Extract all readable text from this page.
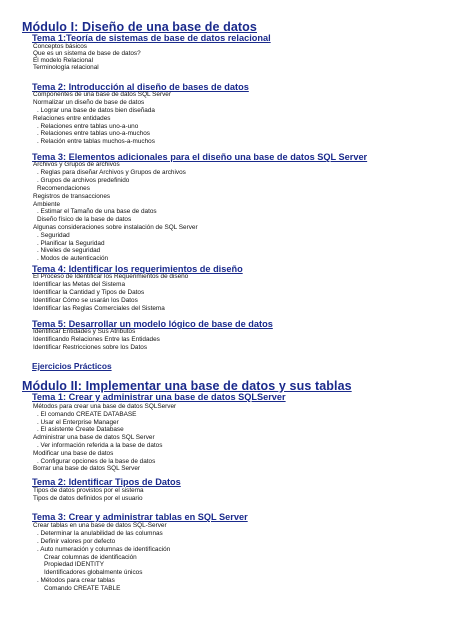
Módulo I: Diseño de una base de datos
Tema 1:Teoría de sistemas de base de datos relacional
Conceptos básicos
Que es un sistema de base de datos?
El modelo Relacional
Terminología relacional
Tema 2: Introducción al diseño de bases de datos
Componentes de una base de datos SQL Server
Normalizar un diseño de base de datos
. Lograr una base de datos bien diseñada
Relaciones entre entidades
. Relaciones entre tablas uno-a-uno
. Relaciones entre tablas uno-a-muchos
. Relación entre tablas muchos-a-muchos
Tema 3: Elementos adicionales para el diseño una base de datos SQL Server
Archivos y Grupos de archivos
. Reglas para diseñar Archivos y Grupos de archivos
. Grupos de archivos predefinido
Recomendaciones
Registros de transacciones
Ambiente
. Estimar el Tamaño de una base de datos
Diseño físico de la base de datos
Algunas consideraciones sobre instalación de SQL Server
. Seguridad
. Planificar la Seguridad
. Niveles de seguridad
. Modos de autenticación
Tema 4: Identificar los requerimientos de diseño
El Proceso de Identificar los Requerimientos de diseño
Identificar las Metas del Sistema
Identificar la Cantidad y Tipos de Datos
Identificar Cómo se usarán los Datos
Identificar las Reglas Comerciales del Sistema
Tema 5: Desarrollar un modelo lógico de base de datos
Identificar Entidades y Sus Atributos
Identificando Relaciones Entre las Entidades
Identificar Restricciones sobre los Datos
Ejercicios Prácticos
Módulo II: Implementar una base de datos y sus tablas
Tema 1: Crear y administrar una base de datos SQLServer
Métodos para crear una base de datos SQLServer
. El comando CREATE DATABASE
. Usar el Enterprise Manager
. El asistente Create Database
Administrar una base de datos SQL Server
. Ver información referida a la base de datos
Modificar una base de datos
. Configurar opciones de la base de datos
Borrar una base de datos SQL Server
Tema 2: Identificar Tipos de Datos
Tipos de datos provistos por el sistema
Tipos de datos definidos por el usuario
Tema 3: Crear y administrar tablas en SQL Server
Crear tablas en una base de datos SQL-Server
. Determinar la anulabilidad de las columnas
. Definir valores por defecto
. Auto numeración y columnas de identificación
Crear columnas de identificación
Propiedad IDENTITY
Identificadores globalmente únicos
. Métodos para crear tablas
Comando CREATE TABLE
